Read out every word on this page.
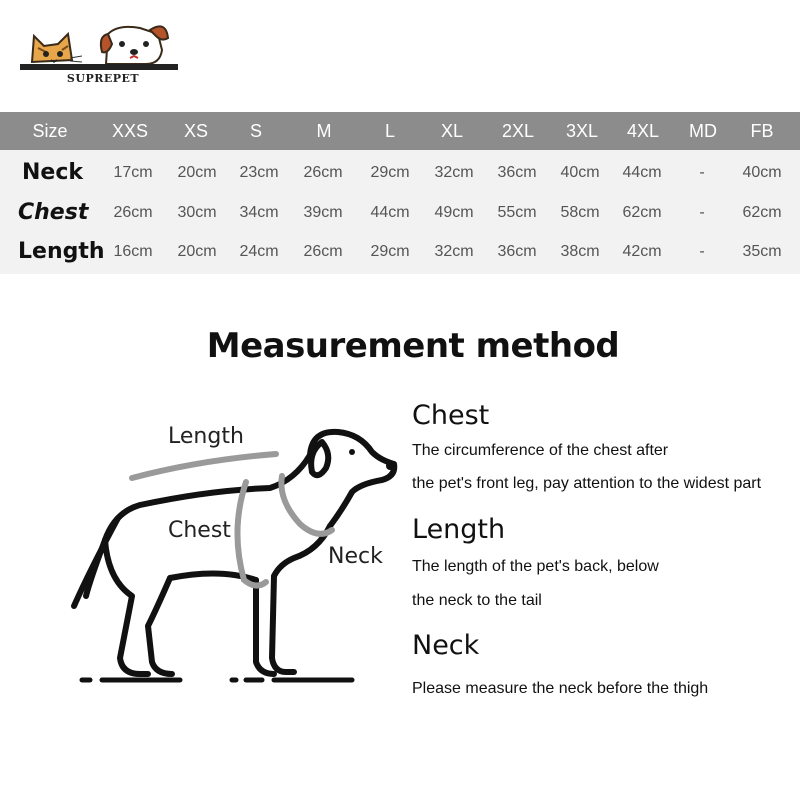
SUPREPET
Size	XXS	XS	S	M	L	XL	2XL	3XL	4XL	MD	FB
Neck	17cm	20cm	23cm	26cm	29cm	32cm	36cm	40cm	44cm	-	40cm
Chest	26cm	30cm	34cm	39cm	44cm	49cm	55cm	58cm	62cm	-	62cm
Length 16cm	20cm	24cm	26cm	29cm	32cm	36cm	38cm	42cm	-	35cm
Measurement method
Length
Chest
Neck
Chest
The circumference of the chest after
the pet's front leg, pay attention to the widest part
Length
The length of the pet's back, below
the neck to the tail
Neck
Please measure the neck before the thigh
